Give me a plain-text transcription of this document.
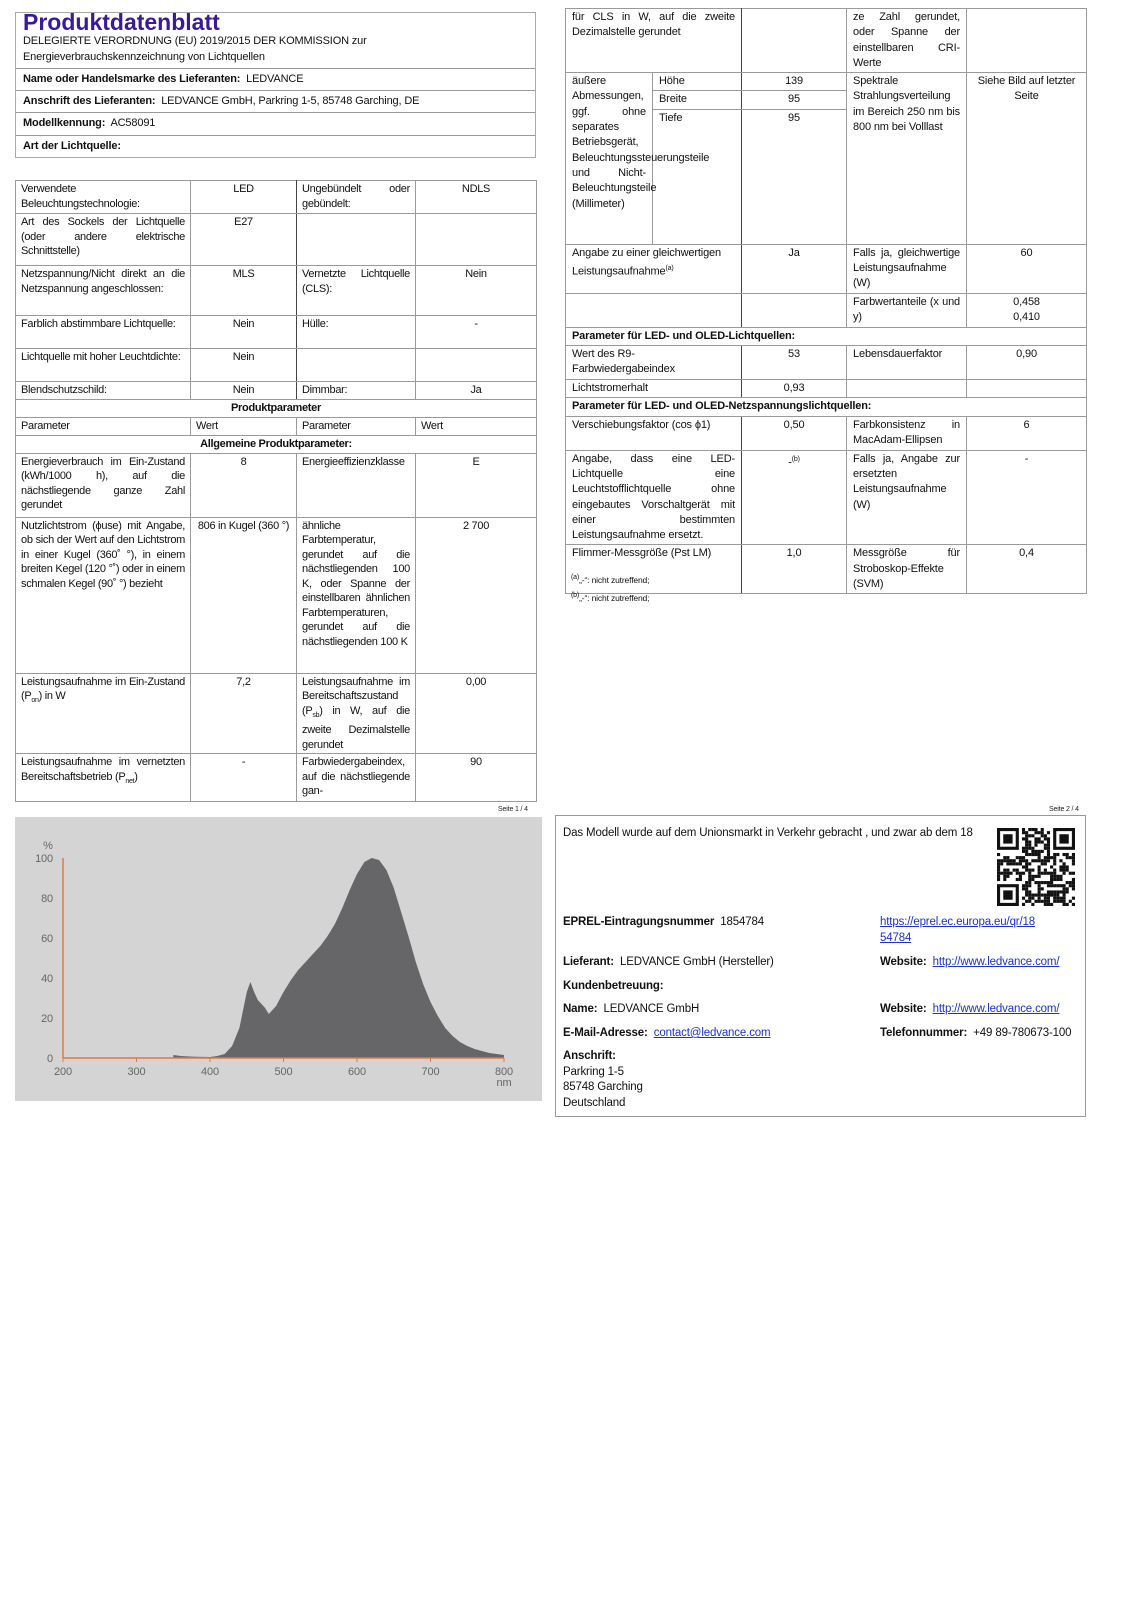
Produktdatenblatt
DELEGIERTE VERORDNUNG (EU) 2019/2015 DER KOMMISSION zur
Energieverbrauchskennzeichnung von Lichtquellen
Name oder Handelsmarke des Lieferanten: LEDVANCE
Anschrift des Lieferanten: LEDVANCE GmbH, Parkring 1-5, 85748 Garching, DE
Modellkennung: AC58091
Art der Lichtquelle:
Verwendete Beleuchtungstechnologie:	LED	Ungebündelt oder gebündelt:	NDLS
Art des Sockels der Lichtquelle (oder andere elektrische Schnittstelle)	E27		
Netzspannung/Nicht direkt an die Netzspannung angeschlossen:	MLS	Vernetzte Lichtquelle (CLS):	Nein
Farblich abstimmbare Lichtquelle:	Nein	Hülle:	-
Lichtquelle mit hoher Leuchtdichte:	Nein		
Blendschutzschild:	Nein	Dimmbar:	Ja
Produktparameter			
Parameter	Wert	Parameter	Wert
Allgemeine Produktparameter:			
Energieverbrauch im Ein-Zustand (kWh/1000 h), auf die nächstliegende ganze Zahl gerundet	8	Energieeffizienzklasse	E
Nutzlichtstrom (ϕuse) mit Angabe, ob sich der Wert auf den Lichtstrom in einer Kugel (360˚ °), in einem breiten Kegel (120 °˚) oder in einem schmalen Kegel (90˚ °) bezieht	806 in Kugel (360 °)	ähnliche Farbtemperatur, gerundet auf die nächstliegenden 100 K, oder Spanne der einstellbaren ähnlichen Farbtemperaturen, gerundet auf die nächstliegenden 100 K	2 700
Leistungsaufnahme im Ein-Zustand $(P_{on})$ in W	7,2	Leistungsaufnahme im Bereitschaftszustand $(P_{sb})$ in W, auf die zweite Dezimalstelle gerundet	0,00
Leistungsaufnahme im vernetzten Bereitschaftsbetrieb $(P_{net})$	-	Farbwiedergabeindex, auf die nächstliegende gan-	90
Seite 1 / 4
für CLS in W, auf die zweite Dezimalstelle gerundet			ze Zahl gerundet, oder Spanne der einstellbaren CRI-Werte	
äußere Abmessungen, ggf. ohne separates Betriebsgerät, Beleuchtungssteuerungsteile und Nicht-Beleuchtungsteile (Millimeter)	Höhe	139	Spektrale Strahlungsverteilung im Bereich 250 nm bis 800 nm bei Volllast	Siehe Bild auf letzter Seite
	Breite	95		
	Tiefe	95		
Angabe zu einer gleichwertigen Leistungsaufnahme$^{(a)}$		Ja	Falls ja, gleichwertige Leistungsaufnahme (W)	60
			Farbwertanteile (x und y)	0,458
0,410
Parameter für LED- und OLED-Lichtquellen:				
Wert des R9-Farbwiedergabeindex		53	Lebensdauerfaktor	0,90
Lichtstromerhalt		0,93		
Parameter für LED- und OLED-Netzspannungslichtquellen:				
Verschiebungsfaktor (cos ϕ1)		0,50	Farbkonsistenz in MacAdam-Ellipsen	6
Angabe, dass eine LED-Lichtquelle eine Leuchtstofflichtquelle ohne eingebautes Vorschaltgerät mit einer bestimmten Leistungsaufnahme ersetzt.		-$^{(b)}$	Falls ja, Angabe zur ersetzten Leistungsaufnahme (W)	-
Flimmer-Messgröße (Pst LM)		1,0	Messgröße für Stroboskop-Effekte (SVM)	0,4
$^{(a)}$„-“: nicht zutreffend;
$^{(b)}$„-“: nicht zutreffend;
200	300	400	500	600	700	800
0
20
40
60
80
100
%
nm
Seite 2 / 4
Das Modell wurde auf dem Unionsmarkt in Verkehr gebracht , und zwar ab dem 18
EPREL-Eintragungsnummer 1854784	https://eprel.ec.europa.eu/qr/18
54784
Lieferant: LEDVANCE GmbH (Hersteller)	Website: http://www.ledvance.com/
Kundenbetreuung:
Name: LEDVANCE GmbH	Website: http://www.ledvance.com/
E-Mail-Adresse: contact@ledvance.com	Telefonnummer: +49 89-780673-100
Anschrift:
Parkring 1-5
85748 Garching
Deutschland
